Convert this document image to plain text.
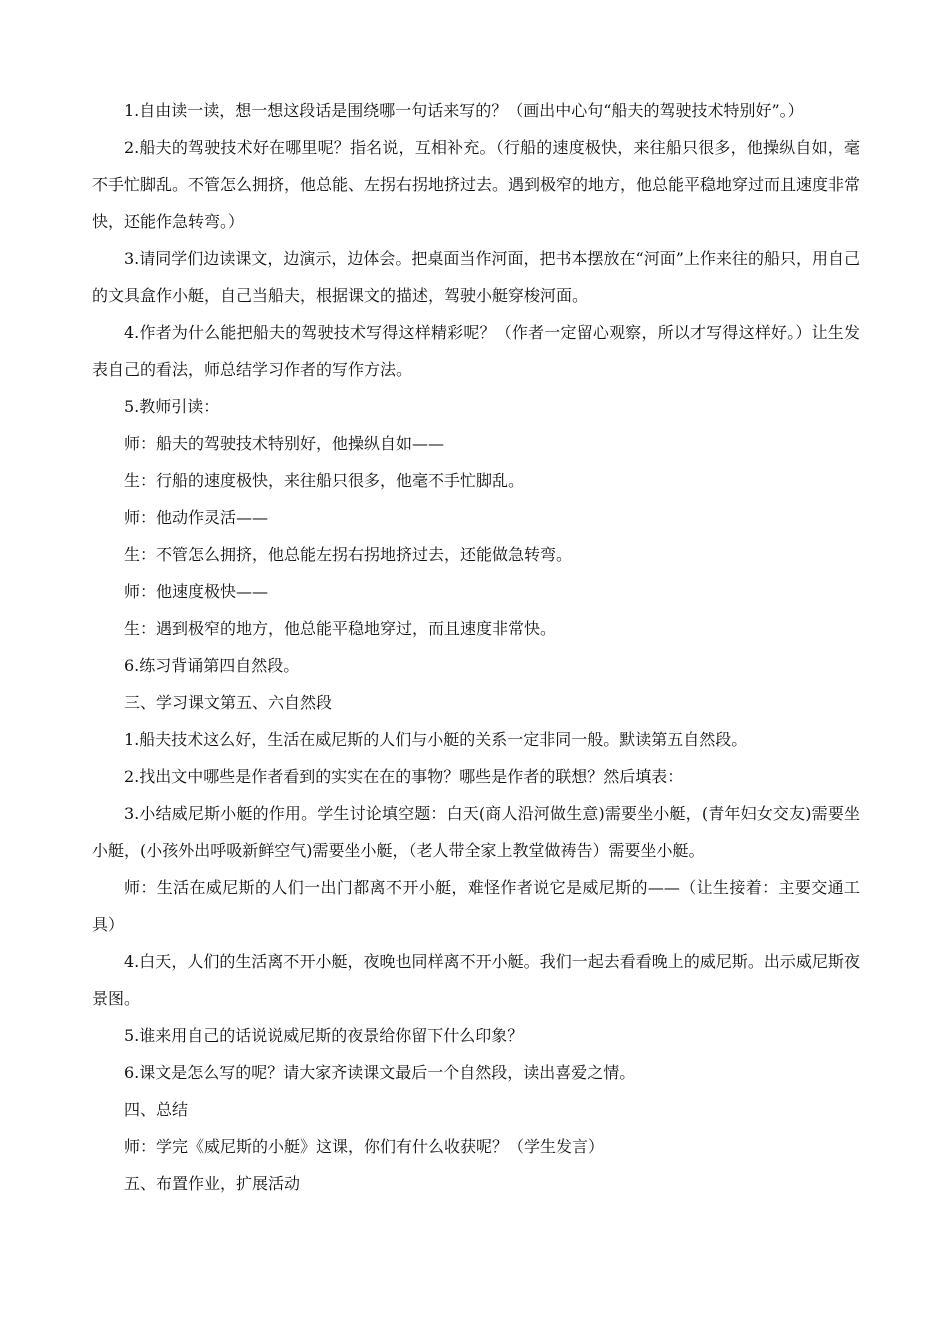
1.自由读一读，想一想这段话是围绕哪一句话来写的？（画出中心句“船夫的驾驶技术特别好”。）

2.船夫的驾驶技术好在哪里呢？指名说，互相补充。（行船的速度极快，来往船只很多，他操纵自如，毫不手忙脚乱。不管怎么拥挤，他总能、左拐右拐地挤过去。遇到极窄的地方，他总能平稳地穿过而且速度非常快，还能作急转弯。）

3.请同学们边读课文，边演示，边体会。把桌面当作河面，把书本摆放在“河面”上作来往的船只，用自己的文具盒作小艇，自己当船夫，根据课文的描述，驾驶小艇穿梭河面。

4.作者为什么能把船夫的驾驶技术写得这样精彩呢？（作者一定留心观察，所以才写得这样好。）让生发表自己的看法，师总结学习作者的写作方法。

5.教师引读：

师：船夫的驾驶技术特别好，他操纵自如——

生：行船的速度极快，来往船只很多，他毫不手忙脚乱。

师：他动作灵活——

生：不管怎么拥挤，他总能左拐右拐地挤过去，还能做急转弯。

师：他速度极快——

生：遇到极窄的地方，他总能平稳地穿过，而且速度非常快。

6.练习背诵第四自然段。

三、学习课文第五、六自然段

1.船夫技术这么好，生活在威尼斯的人们与小艇的关系一定非同一般。默读第五自然段。

2.找出文中哪些是作者看到的实实在在的事物？哪些是作者的联想？然后填表：

3.小结威尼斯小艇的作用。学生讨论填空题：白天(商人沿河做生意)需要坐小艇，(青年妇女交友)需要坐小艇，(小孩外出呼吸新鲜空气)需要坐小艇，（老人带全家上教堂做祷告）需要坐小艇。

师：生活在威尼斯的人们一出门都离不开小艇，难怪作者说它是威尼斯的——（让生接着：主要交通工具）

4.白天，人们的生活离不开小艇，夜晚也同样离不开小艇。我们一起去看看晚上的威尼斯。出示威尼斯夜景图。

5.谁来用自己的话说说威尼斯的夜景给你留下什么印象？

6.课文是怎么写的呢？请大家齐读课文最后一个自然段，读出喜爱之情。

四、总结

师：学完《威尼斯的小艇》这课，你们有什么收获呢？（学生发言）

五、布置作业，扩展活动
